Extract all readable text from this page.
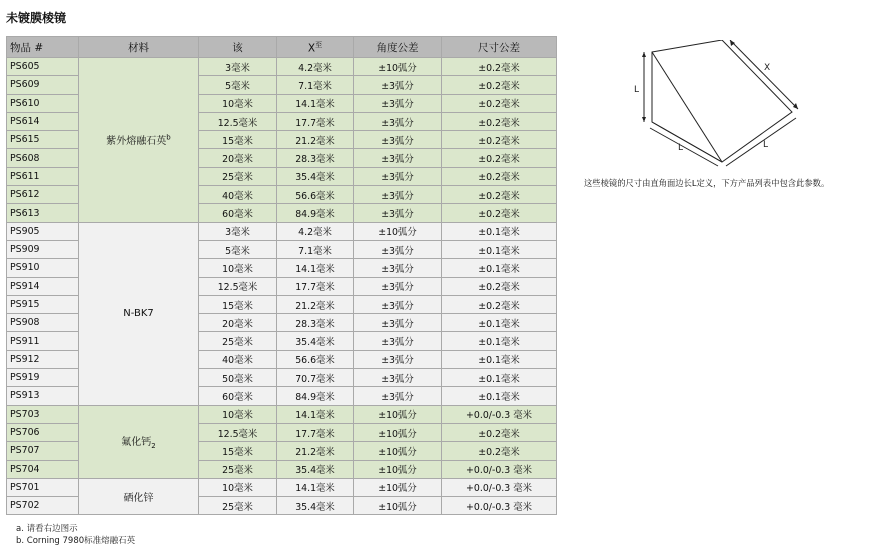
未镀膜棱镜
物品 #	材料	该	$X^至$	角度公差	尺寸公差
PS605	紫外熔融石英$^b$	3毫米	4.2毫米	±10弧分	±0.2毫米
PS609		5毫米	7.1毫米	±3弧分	±0.2毫米
PS610		10毫米	14.1毫米	±3弧分	±0.2毫米
PS614		12.5毫米	17.7毫米	±3弧分	±0.2毫米
PS615		15毫米	21.2毫米	±3弧分	±0.2毫米
PS608		20毫米	28.3毫米	±3弧分	±0.2毫米
PS611		25毫米	35.4毫米	±3弧分	±0.2毫米
PS612		40毫米	56.6毫米	±3弧分	±0.2毫米
PS613		60毫米	84.9毫米	±3弧分	±0.2毫米
PS905	N-BK7	3毫米	4.2毫米	±10弧分	±0.1毫米
PS909		5毫米	7.1毫米	±3弧分	±0.1毫米
PS910		10毫米	14.1毫米	±3弧分	±0.1毫米
PS914		12.5毫米	17.7毫米	±3弧分	±0.2毫米
PS915		15毫米	21.2毫米	±3弧分	±0.2毫米
PS908		20毫米	28.3毫米	±3弧分	±0.1毫米
PS911		25毫米	35.4毫米	±3弧分	±0.1毫米
PS912		40毫米	56.6毫米	±3弧分	±0.1毫米
PS919		50毫米	70.7毫米	±3弧分	±0.1毫米
PS913		60毫米	84.9毫米	±3弧分	±0.1毫米
PS703	氟化钙$_2$	10毫米	14.1毫米	±10弧分	+0.0/-0.3 毫米
PS706		12.5毫米	17.7毫米	±10弧分	±0.2毫米
PS707		15毫米	21.2毫米	±10弧分	±0.2毫米
PS704		25毫米	35.4毫米	±10弧分	+0.0/-0.3 毫米
PS701	硒化锌	10毫米	14.1毫米	±10弧分	+0.0/-0.3 毫米
PS702		25毫米	35.4毫米	±10弧分	+0.0/-0.3 毫米
a. 请看右边图示
b. Corning 7980标准熔融石英
L
X
L	L
这些棱镜的尺寸由直角面边长L定义，下方产品列表中包含此参数。
